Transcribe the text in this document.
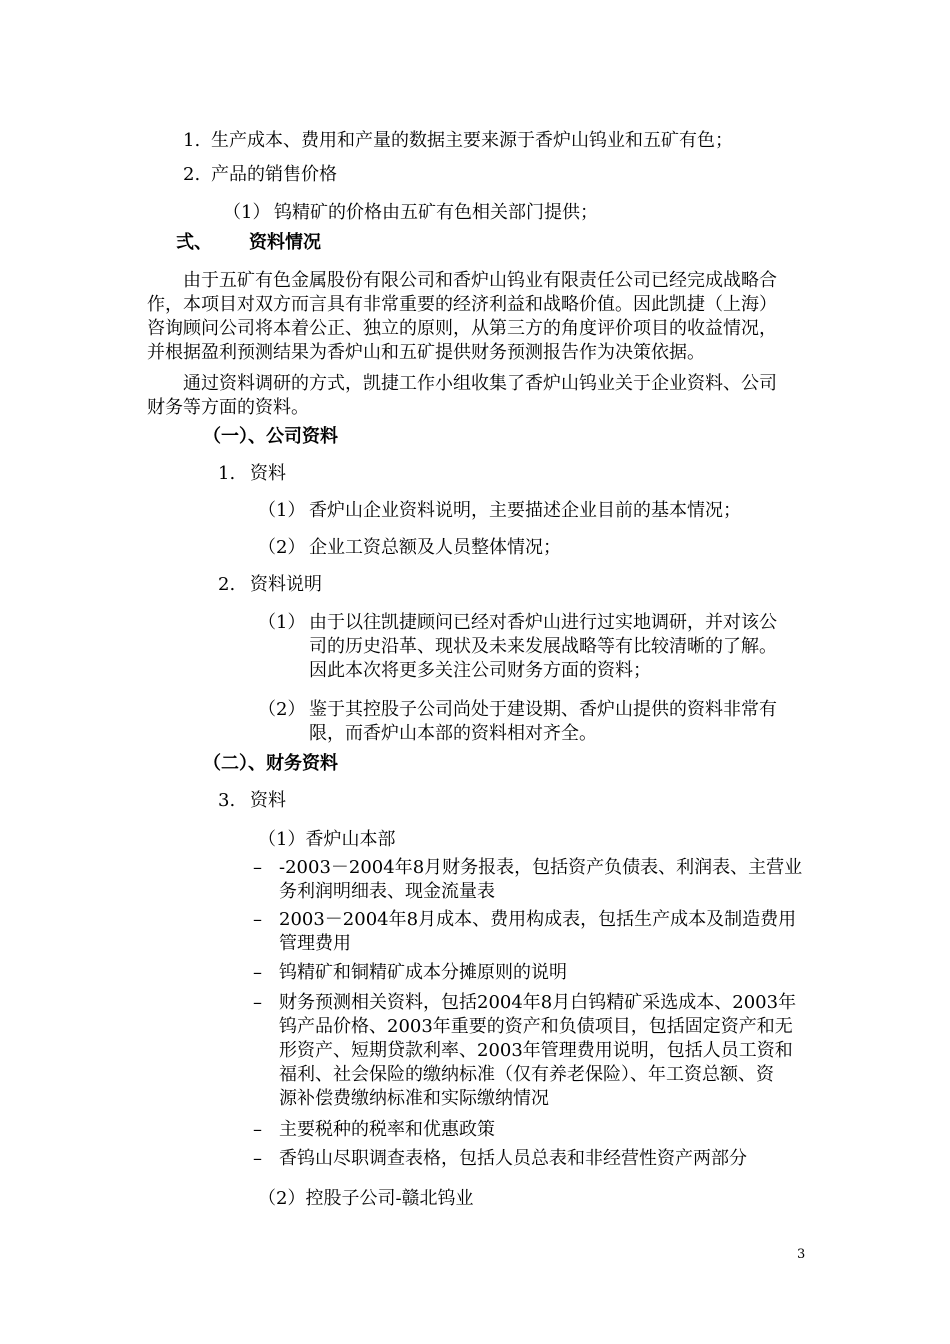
1. 生产成本、费用和产量的数据主要来源于香炉山钨业和五矿有色；
2. 产品的销售价格
（1） 钨精矿的价格由五矿有色相关部门提供；
弍、 资料情况
由于五矿有色金属股份有限公司和香炉山钨业有限责任公司已经完成战略合
作，本项目对双方而言具有非常重要的经济利益和战略价值。因此凯捷（上海）
咨询顾问公司将本着公正、独立的原则，从第三方的角度评价项目的收益情况，
并根据盈利预测结果为香炉山和五矿提供财务预测报告作为决策依据。
通过资料调研的方式，凯捷工作小组收集了香炉山钨业关于企业资料、公司
财务等方面的资料。
（一）、公司资料
1. 资料
（1） 香炉山企业资料说明，主要描述企业目前的基本情况；
（2） 企业工资总额及人员整体情况；
2. 资料说明
（1） 由于以往凯捷顾问已经对香炉山进行过实地调研，并对该公
司的历史沿革、现状及未来发展战略等有比较清晰的了解。
因此本次将更多关注公司财务方面的资料；
（2） 鉴于其控股子公司尚处于建设期、香炉山提供的资料非常有
限，而香炉山本部的资料相对齐全。
（二）、财务资料
3. 资料
（1）香炉山本部
– -2003－2004年8月财务报表，包括资产负债表、利润表、主营业
务利润明细表、现金流量表
– 2003－2004年8月成本、费用构成表，包括生产成本及制造费用
管理费用
– 钨精矿和铜精矿成本分摊原则的说明
– 财务预测相关资料，包括2004年8月白钨精矿采选成本、2003年
钨产品价格、2003年重要的资产和负债项目，包括固定资产和无
形资产、短期贷款利率、2003年管理费用说明，包括人员工资和
福利、社会保险的缴纳标准（仅有养老保险）、年工资总额、资
源补偿费缴纳标准和实际缴纳情况
– 主要税种的税率和优惠政策
– 香钨山尽职调查表格，包括人员总表和非经营性资产两部分
（2）控股子公司-赣北钨业
3
